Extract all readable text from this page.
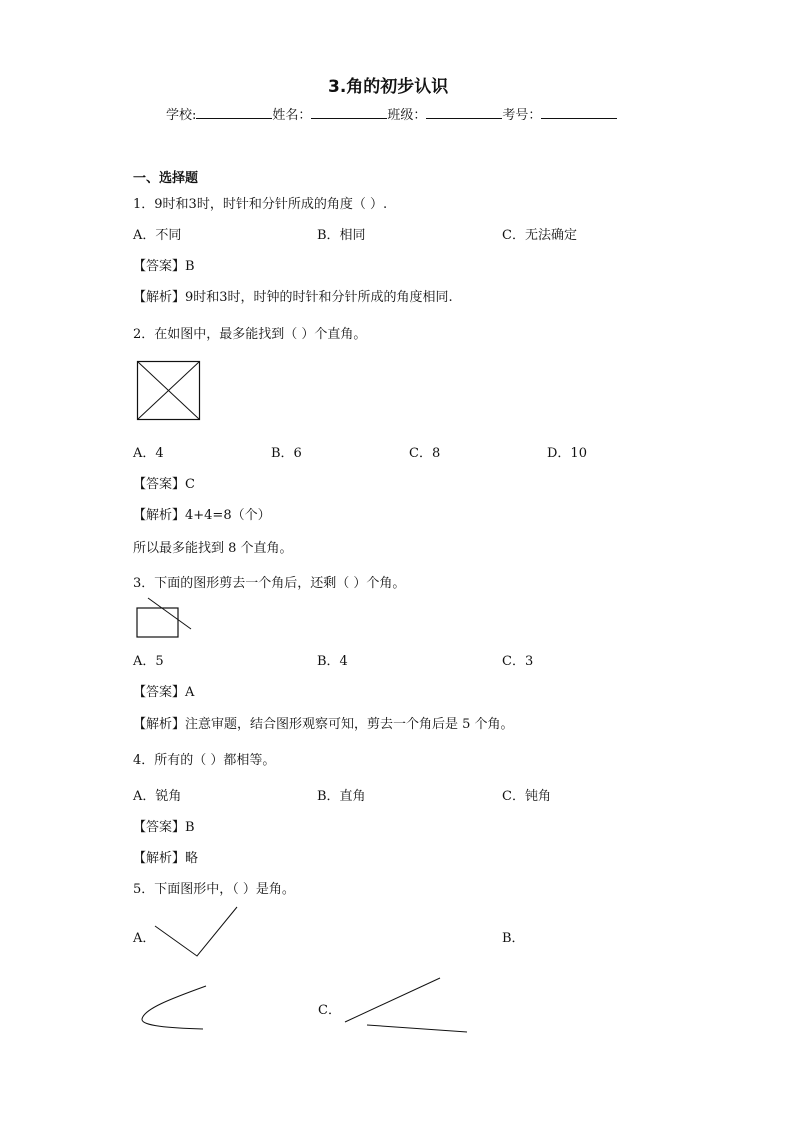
3.角的初步认识
学校:	姓名：	班级：	考号：
一、选择题
1．9时和3时，时针和分针所成的角度（ ）.
A．不同	B．相同	C．无法确定
【答案】B
【解析】9时和3时，时钟的时针和分针所成的角度相同.
2．在如图中，最多能找到（ ）个直角。
A．4	B．6	C．8	D．10
【答案】C
【解析】4+4=8（个）
所以最多能找到 8 个直角。
3．下面的图形剪去一个角后，还剩（ ）个角。
A．5	B．4	C．3
【答案】A
【解析】注意审题，结合图形观察可知，剪去一个角后是 5 个角。
4．所有的（ ）都相等。
A．锐角	B．直角	C．钝角
【答案】B
【解析】略
5．下面图形中，（ ）是角。
A．	B．
C．
